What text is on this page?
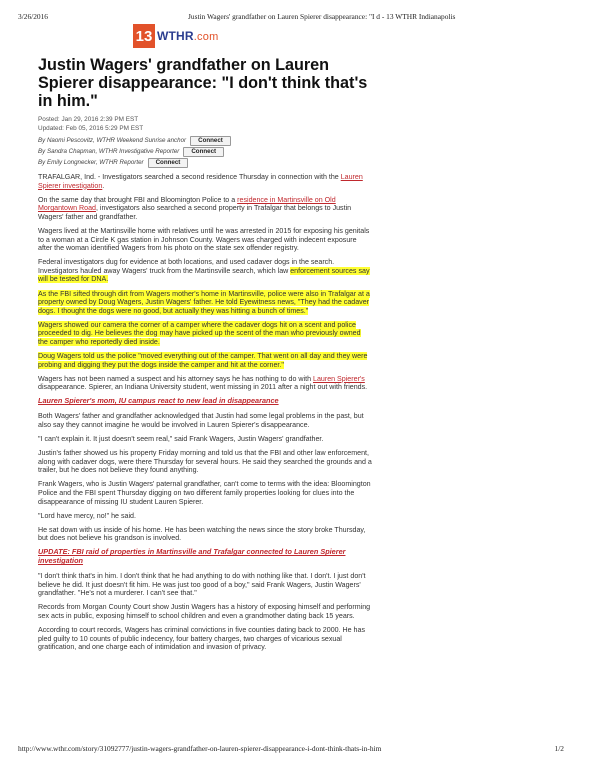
3/26/2016	Justin Wagers' grandfather on Lauren Spierer disappearance: "I d - 13 WTHR Indianapolis
13 WTHR.com
Justin Wagers' grandfather on Lauren Spierer disappearance: "I don't think that's in him."
Posted: Jan 29, 2016 2:39 PM EST
Updated: Feb 05, 2016 5:29 PM EST
By Naomi Pescovitz, WTHR Weekend Sunrise anchor	Connect
By Sandra Chapman, WTHR Investigative Reporter	Connect
By Emily Longnecker, WTHR Reporter	Connect

TRAFALGAR, Ind. - Investigators searched a second residence Thursday in connection with the Lauren Spierer investigation.

On the same day that brought FBI and Bloomington Police to a residence in Martinsville on Old Morgantown Road, investigators also searched a second property in Trafalgar that belongs to Justin Wagers' father and grandfather.

Wagers lived at the Martinsville home with relatives until he was arrested in 2015 for exposing his genitals to a woman at a Circle K gas station in Johnson County. Wagers was charged with indecent exposure after the woman identified Wagers from his photo on the state sex offender registry.

Federal investigators dug for evidence at both locations, and used cadaver dogs in the search. Investigators hauled away Wagers' truck from the Martinsville search, which law enforcement sources say will be tested for DNA.

As the FBI sifted through dirt from Wagers mother's home in Martinsville, police were also in Trafalgar at a property owned by Doug Wagers, Justin Wagers' father. He told Eyewitness news, "They had the cadaver dogs. I thought the dogs were no good, but actually they was hitting a bunch of times."

Wagers showed our camera the corner of a camper where the cadaver dogs hit on a scent and police proceeded to dig. He believes the dog may have picked up the scent of the man who previously owned the camper who reportedly died inside.

Doug Wagers told us the police "moved everything out of the camper. That went on all day and they were probing and digging they put the dogs inside the camper and hit at the corner."

Wagers has not been named a suspect and his attorney says he has nothing to do with Lauren Spierer's disappearance. Spierer, an Indiana University student, went missing in 2011 after a night out with friends.

Lauren Spierer's mom, IU campus react to new lead in disappearance

Both Wagers' father and grandfather acknowledged that Justin had some legal problems in the past, but also say they cannot imagine he would be involved in Lauren Spierer's disappearance.

"I can't explain it. It just doesn't seem real," said Frank Wagers, Justin Wagers' grandfather.

Justin's father showed us his property Friday morning and told us that the FBI and other law enforcement, along with cadaver dogs, were there Thursday for several hours. He said they searched the grounds and a trailer, but he does not believe they found anything.

Frank Wagers, who is Justin Wagers' paternal grandfather, can't come to terms with the idea: Bloomington Police and the FBI spent Thursday digging on two different family properties looking for clues into the disappearance of missing IU student Lauren Spierer.

"Lord have mercy, no!" he said.

He sat down with us inside of his home. He has been watching the news since the story broke Thursday, but does not believe his grandson is involved.

UPDATE: FBI raid of properties in Martinsville and Trafalgar connected to Lauren Spierer investigation

"I don't think that's in him. I don't think that he had anything to do with nothing like that. I don't. I just don't believe he did. It just doesn't fit him. He was just too good of a boy," said Frank Wagers, Justin Wagers' grandfather. "He's not a murderer. I can't see that."

Records from Morgan County Court show Justin Wagers has a history of exposing himself and performing sex acts in public, exposing himself to school children and even a grandmother dating back 15 years.

According to court records, Wagers has criminal convictions in five counties dating back to 2000. He has pled guilty to 10 counts of public indecency, four battery charges, two charges of vicarious sexual gratification, and one charge each of intimidation and invasion of privacy.

http://www.wthr.com/story/31092777/justin-wagers-grandfather-on-lauren-spierer-disappearance-i-dont-think-thats-in-him	1/2
